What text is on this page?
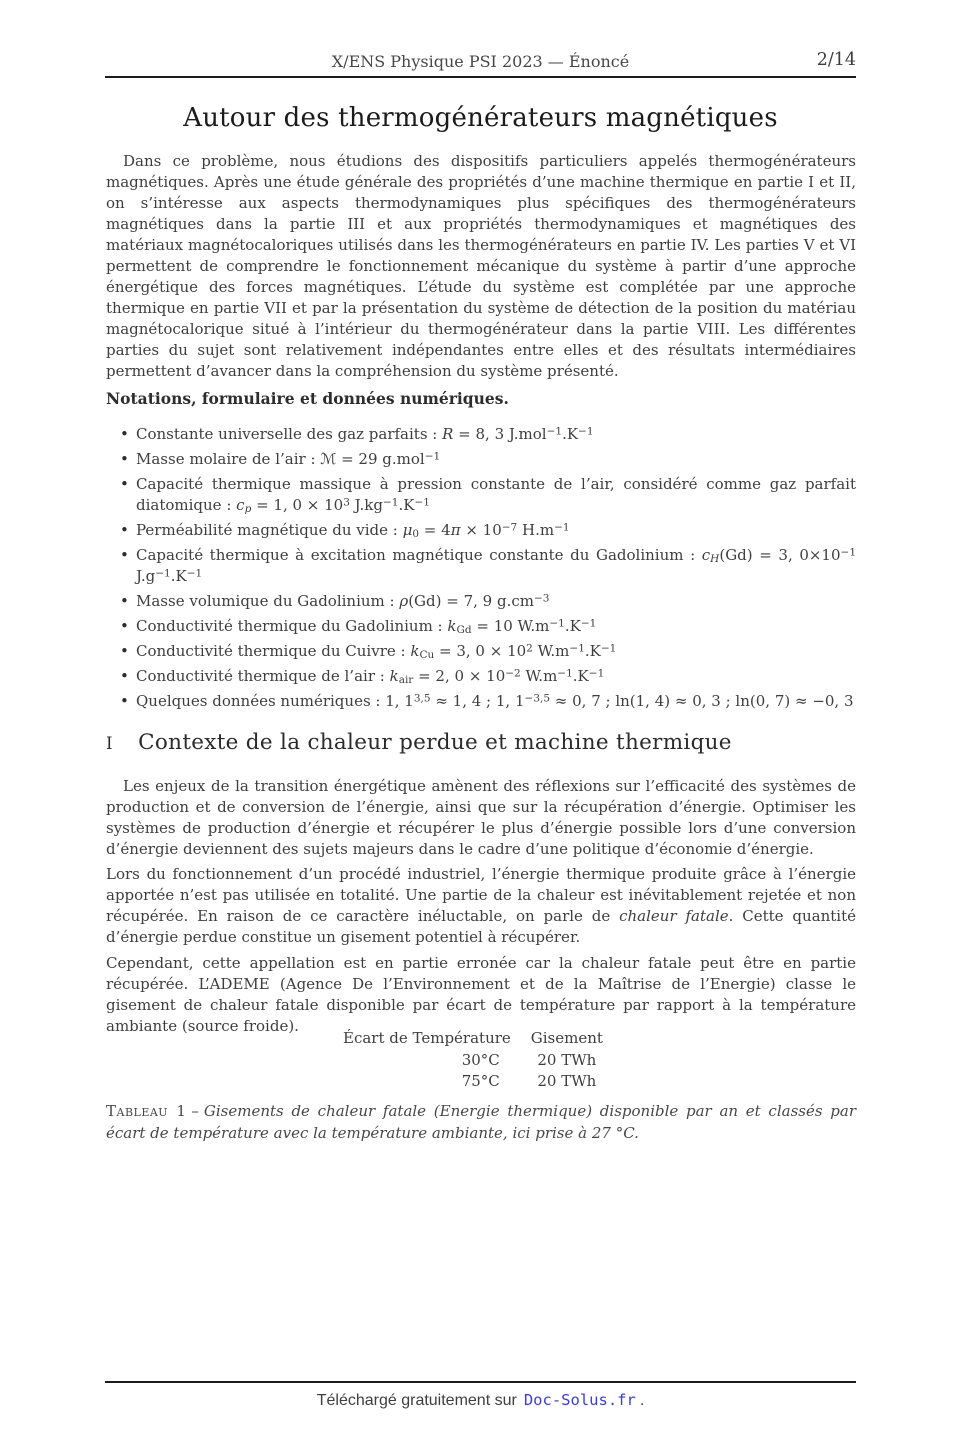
X/ENS Physique PSI 2023 — Énoncé	2/14
Autour des thermogénérateurs magnétiques

Dans ce problème, nous étudions des dispositifs particuliers appelés thermogénérateurs magnétiques. Après une étude générale des propriétés d’une machine thermique en partie I et II, on s’intéresse aux aspects thermodynamiques plus spécifiques des thermogénérateurs magnétiques dans la partie III et aux propriétés thermodynamiques et magnétiques des matériaux magnétocaloriques utilisés dans les thermogénérateurs en partie IV. Les parties V et VI permettent de comprendre le fonctionnement mécanique du système à partir d’une approche énergétique des forces magnétiques. L’étude du système est complétée par une approche thermique en partie VII et par la présentation du système de détection de la position du matériau magnétocalorique situé à l’intérieur du thermogénérateur dans la partie VIII. Les différentes parties du sujet sont relativement indépendantes entre elles et des résultats intermédiaires permettent d’avancer dans la compréhension du système présenté.

Notations, formulaire et données numériques.
• Constante universelle des gaz parfaits : R = 8, 3 $J.mol^{-1}.K^{-1}$
• Masse molaire de l’air : ℳ = 29 g.mol$^{-1}$
• Capacité thermique massique à pression constante de l’air, considéré comme gaz parfait diatomique : cp = 1, $0 \times 10^3$ $J.kg^{-1}.K^{-1}$
• Perméabilité magnétique du vide : $\mu 0 = 4\pi \times 10^{-7}$ $H.m^{-1}$
• Capacité thermique à excitation magnétique constante du Gadolinium : cH(Gd) = 3, $0\times 10^{-1}$ $J.g^{-1}.K^{-1}$
• Masse volumique du Gadolinium : ρ(Gd) = 7, 9 $g.cm^{-3}$
• Conductivité thermique du Gadolinium : kGd = 10 $W.m^{-1}.K^{-1}$
• Conductivité thermique du Cuivre : kCu = 3, $0 \times 10^2$ $W.m^{-1}.K^{-1}$
• Conductivité thermique de l’air : kair = 2, $0 \times 10^{-2}$ $W.m^{-1}.K^{-1}$
• Quelques données numériques : 1, $1^{3,5} \approx 1$, 4 ; 1, $1^{-3,5} \approx 0$, 7 ; ln(1, 4) ≈ 0, 3 ; ln(0, 7) ≈ −0, 3
I Contexte de la chaleur perdue et machine thermique

Les enjeux de la transition énergétique amènent des réflexions sur l’efficacité des systèmes de production et de conversion de l’énergie, ainsi que sur la récupération d’énergie. Optimiser les systèmes de production d’énergie et récupérer le plus d’énergie possible lors d’une conversion d’énergie deviennent des sujets majeurs dans le cadre d’une politique d’économie d’énergie.

Lors du fonctionnement d’un procédé industriel, l’énergie thermique produite grâce à l’énergie apportée n’est pas utilisée en totalité. Une partie de la chaleur est inévitablement rejetée et non récupérée. En raison de ce caractère inéluctable, on parle de chaleur fatale. Cette quantité d’énergie perdue constitue un gisement potentiel à récupérer.

Cependant, cette appellation est en partie erronée car la chaleur fatale peut être en partie récupérée. L’ADEME (Agence De l’Environnement et de la Maîtrise de l’Energie) classe le gisement de chaleur fatale disponible par écart de température par rapport à la température ambiante (source froide).

Écart de Température	Gisement
30°C	20 TWh
75°C	20 TWh

Tableau 1 – Gisements de chaleur fatale (Energie thermique) disponible par an et classés par écart de température avec la température ambiante, ici prise à 27 °C.

Téléchargé gratuitement sur Doc-Solus.fr .
